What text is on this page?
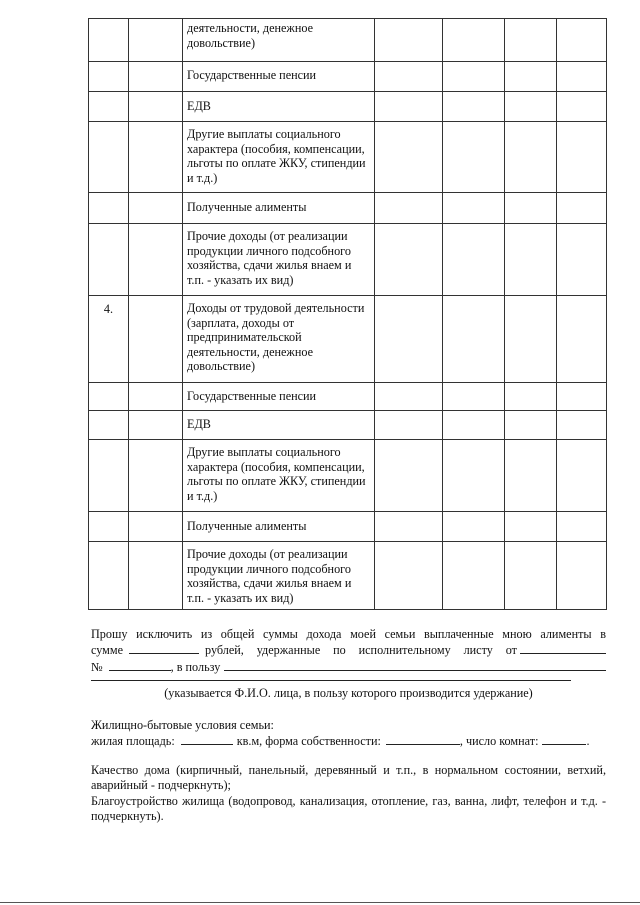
		деятельности, денежное довольствие)				
		Государственные пенсии				
		ЕДВ				
		Другие выплаты социального характера (пособия, компенсации, льготы по оплате ЖКУ, стипендии и т.д.)				
		Полученные алименты				
		Прочие доходы (от реализации продукции личного подсобного хозяйства, сдачи жилья внаем и т.п. - указать их вид)				
4.		Доходы от трудовой деятельности (зарплата, доходы от предпринимательской деятельности, денежное довольствие)				
		Государственные пенсии				
		ЕДВ				
		Другие выплаты социального характера (пособия, компенсации, льготы по оплате ЖКУ, стипендии и т.д.)				
		Полученные алименты				
		Прочие доходы (от реализации продукции личного подсобного хозяйства, сдачи жилья внаем и т.п. - указать их вид)				
Прошу исключить из общей суммы дохода моей семьи выплаченные мною алименты в
сумме	рублей, удержанные по исполнительному листу от
№	, в пользу
(указывается Ф.И.О. лица, в пользу которого производится удержание)
Жилищно-бытовые условия семьи:
жилая площадь:	кв.м, форма собственности:	, число комнат:	.
Качество дома (кирпичный, панельный, деревянный и т.п., в нормальном состоянии, ветхий, аварийный - подчеркнуть);
Благоустройство жилища (водопровод, канализация, отопление, газ, ванна, лифт, телефон и т.д. - подчеркнуть).
